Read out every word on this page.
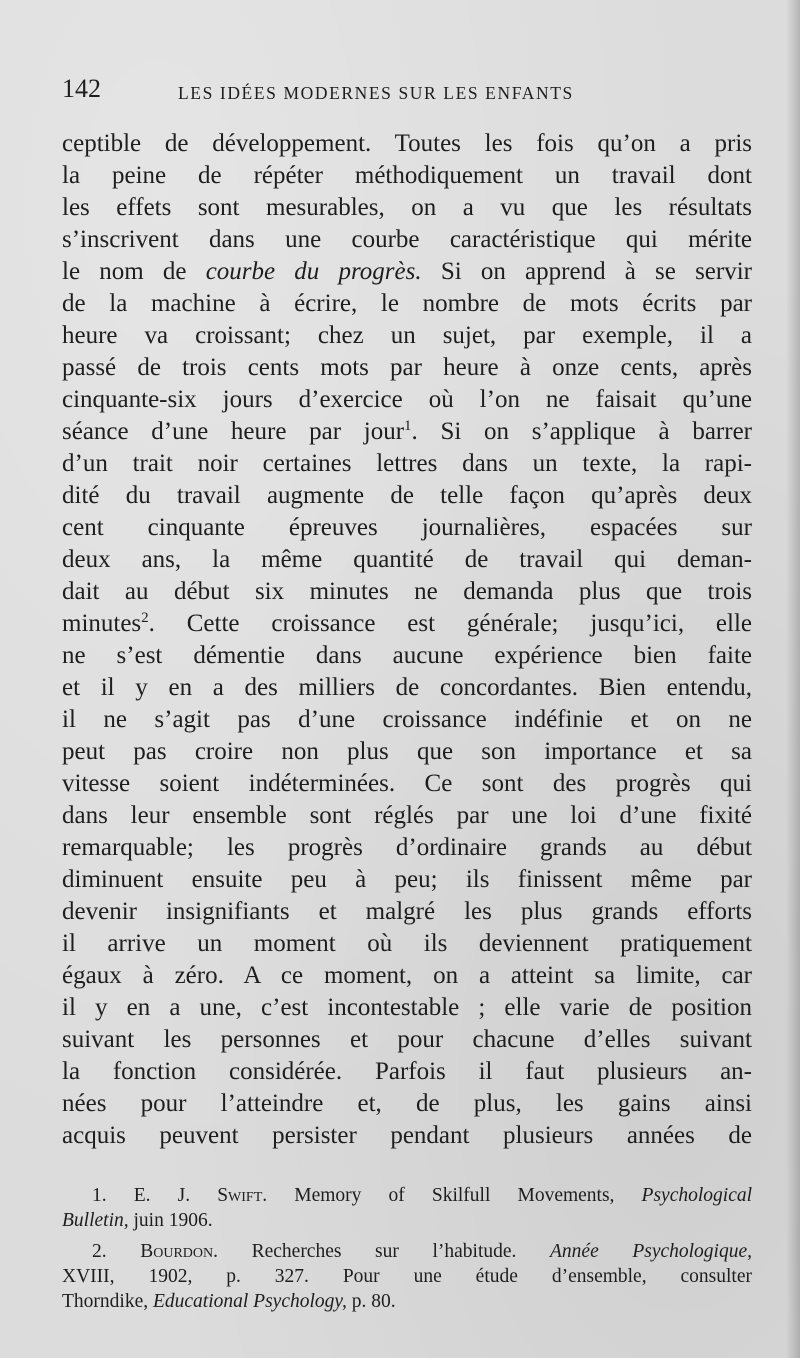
142	LES IDÉES MODERNES SUR LES ENFANTS
ceptible de développement. Toutes les fois qu’on a pris
la peine de répéter méthodiquement un travail dont
les effets sont mesurables, on a vu que les résultats
s’inscrivent dans une courbe caractéristique qui mérite
le nom de courbe du progrès. Si on apprend à se servir
de la machine à écrire, le nombre de mots écrits par
heure va croissant; chez un sujet, par exemple, il a
passé de trois cents mots par heure à onze cents, après
cinquante-six jours d’exercice où l’on ne faisait qu’une
séance d’une heure par jour$^1$. Si on s’applique à barrer
d’un trait noir certaines lettres dans un texte, la rapi-
dité du travail augmente de telle façon qu’après deux
cent cinquante épreuves journalières, espacées sur
deux ans, la même quantité de travail qui deman-
dait au début six minutes ne demanda plus que trois
minutes$^2$. Cette croissance est générale; jusqu’ici, elle
ne s’est démentie dans aucune expérience bien faite
et il y en a des milliers de concordantes. Bien entendu,
il ne s’agit pas d’une croissance indéfinie et on ne
peut pas croire non plus que son importance et sa
vitesse soient indéterminées. Ce sont des progrès qui
dans leur ensemble sont réglés par une loi d’une fixité
remarquable; les progrès d’ordinaire grands au début
diminuent ensuite peu à peu; ils finissent même par
devenir insignifiants et malgré les plus grands efforts
il arrive un moment où ils deviennent pratiquement
égaux à zéro. A ce moment, on a atteint sa limite, car
il y en a une, c’est incontestable ; elle varie de position
suivant les personnes et pour chacune d’elles suivant
la fonction considérée. Parfois il faut plusieurs an-
nées pour l’atteindre et, de plus, les gains ainsi
acquis peuvent persister pendant plusieurs années de
1. E. J. Swift. Memory of Skilfull Movements, Psychological
Bulletin, juin 1906.
2. Bourdon. Recherches sur l’habitude. Année Psychologique,
XVIII, 1902, p. 327. Pour une étude d’ensemble, consulter
Thorndike, Educational Psychology, p. 80.
